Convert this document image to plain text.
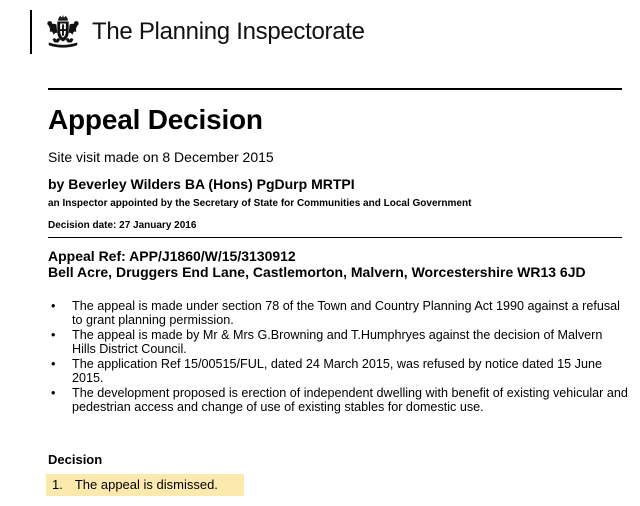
The Planning Inspectorate
Appeal Decision
Site visit made on 8 December 2015
by Beverley Wilders BA (Hons) PgDurp MRTPI
an Inspector appointed by the Secretary of State for Communities and Local Government
Decision date: 27 January 2016
Appeal Ref: APP/J1860/W/15/3130912
Bell Acre, Druggers End Lane, Castlemorton, Malvern, Worcestershire WR13 6JD
• The appeal is made under section 78 of the Town and Country Planning Act 1990 against a refusal to grant planning permission.
• The appeal is made by Mr & Mrs G.Browning and T.Humphryes against the decision of Malvern Hills District Council.
• The application Ref 15/00515/FUL, dated 24 March 2015, was refused by notice dated 15 June 2015.
• The development proposed is erection of independent dwelling with benefit of existing vehicular and pedestrian access and change of use of existing stables for domestic use.
Decision
1. The appeal is dismissed.
